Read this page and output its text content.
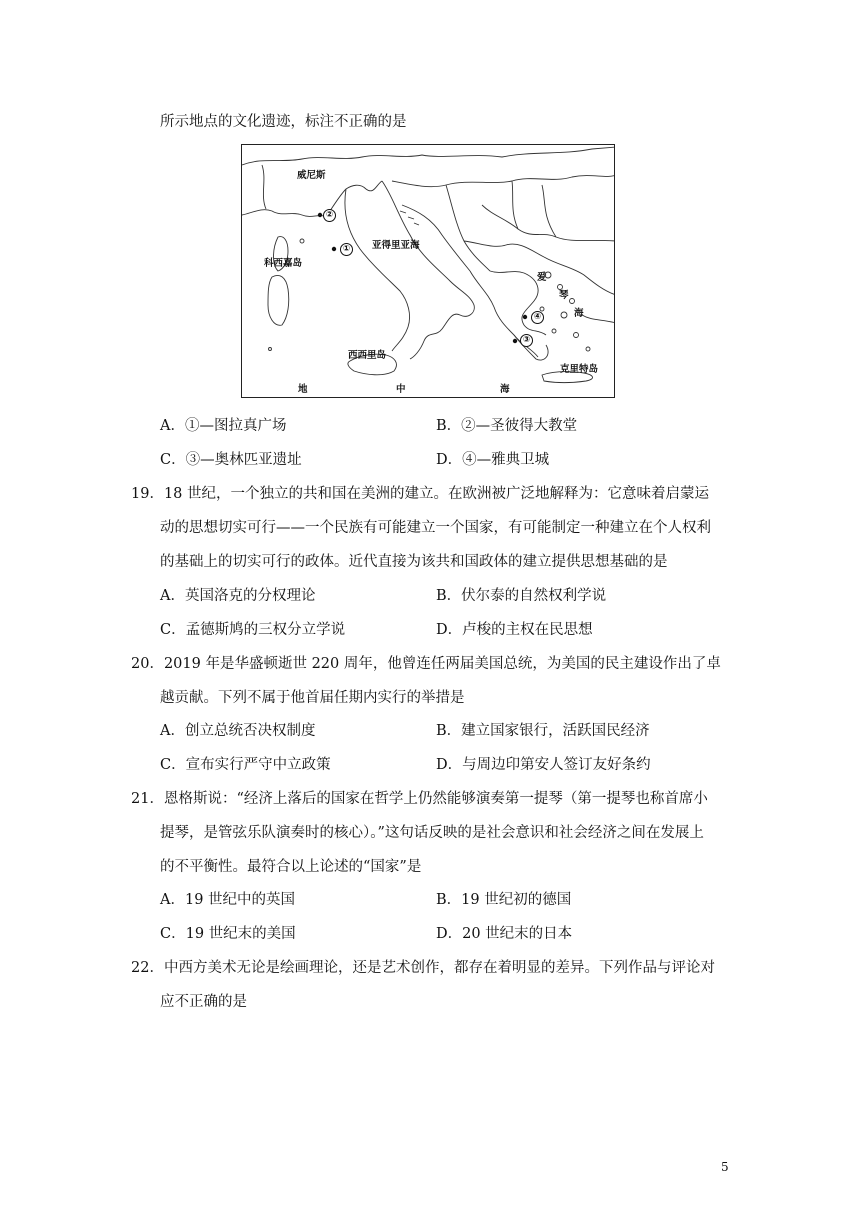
所示地点的文化遗迹，标注不正确的是
威尼斯
亚得里亚海
科西嘉岛
西西里岛
克里特岛
爱
琴
海
地	中	海
①
②
③
④
A．①—图拉真广场	B．②—圣彼得大教堂
C．③—奥林匹亚遗址	D．④—雅典卫城
19．18 世纪，一个独立的共和国在美洲的建立。在欧洲被广泛地解释为：它意味着启蒙运
动的思想切实可行——一个民族有可能建立一个国家，有可能制定一种建立在个人权利
的基础上的切实可行的政体。近代直接为该共和国政体的建立提供思想基础的是
A．英国洛克的分权理论	B．伏尔泰的自然权利学说
C．孟德斯鸠的三权分立学说	D．卢梭的主权在民思想
20．2019 年是华盛顿逝世 220 周年，他曾连任两届美国总统，为美国的民主建设作出了卓
越贡献。下列不属于他首届任期内实行的举措是
A．创立总统否决权制度	B．建立国家银行，活跃国民经济
C．宣布实行严守中立政策	D．与周边印第安人签订友好条约
21．恩格斯说：“经济上落后的国家在哲学上仍然能够演奏第一提琴（第一提琴也称首席小
提琴，是管弦乐队演奏时的核心）。”这句话反映的是社会意识和社会经济之间在发展上
的不平衡性。最符合以上论述的“国家”是
A．19 世纪中的英国	B．19 世纪初的德国
C．19 世纪末的美国	D．20 世纪末的日本
22．中西方美术无论是绘画理论，还是艺术创作，都存在着明显的差异。下列作品与评论对
应不正确的是
5
